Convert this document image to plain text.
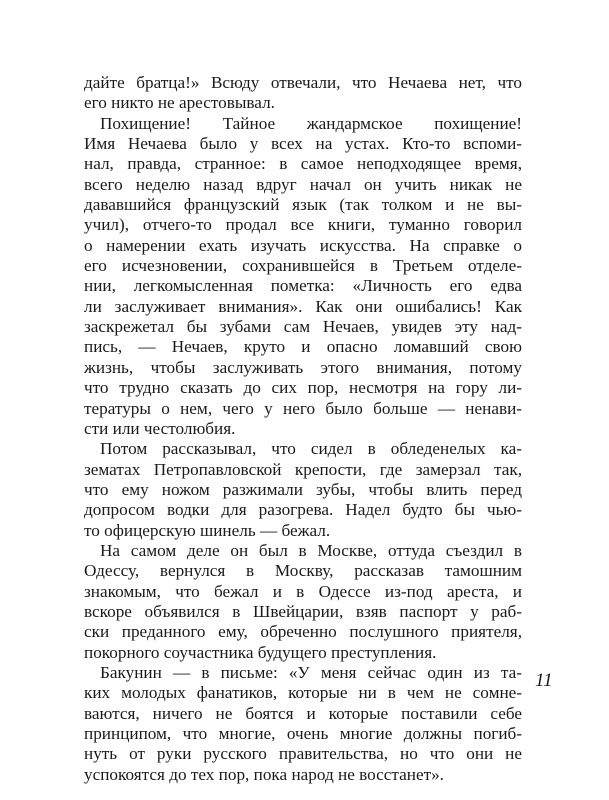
дайте братца!» Всюду отвечали, что Нечаева нет, что
его никто не арестовывал.
Похищение! Тайное жандармское похищение!
Имя Нечаева было у всех на устах. Кто-то вспоми-
нал, правда, странное: в самое неподходящее время,
всего неделю назад вдруг начал он учить никак не
дававшийся французский язык (так толком и не вы-
учил), отчего-то продал все книги, туманно говорил
о намерении ехать изучать искусства. На справке о
его исчезновении, сохранившейся в Третьем отделе-
нии, легкомысленная пометка: «Личность его едва
ли заслуживает внимания». Как они ошибались! Как
заскрежетал бы зубами сам Нечаев, увидев эту над-
пись, — Нечаев, круто и опасно ломавший свою
жизнь, чтобы заслуживать этого внимания, потому
что трудно сказать до сих пор, несмотря на гору ли-
тературы о нем, чего у него было больше — ненави-
сти или честолюбия.
Потом рассказывал, что сидел в обледенелых ка-
зематах Петропавловской крепости, где замерзал так,
что ему ножом разжимали зубы, чтобы влить перед
допросом водки для разогрева. Надел будто бы чью-
то офицерскую шинель — бежал.
На самом деле он был в Москве, оттуда съездил в
Одессу, вернулся в Москву, рассказав тамошним
знакомым, что бежал и в Одессе из-под ареста, и
вскоре объявился в Швейцарии, взяв паспорт у раб-
ски преданного ему, обреченно послушного приятеля,
покорного соучастника будущего преступления.
Бакунин — в письме: «У меня сейчас один из та-
ких молодых фанатиков, которые ни в чем не сомне-
ваются, ничего не боятся и которые поставили себе
принципом, что многие, очень многие должны погиб-
нуть от руки русского правительства, но что они не
успокоятся до тех пор, пока народ не восстанет».
11
